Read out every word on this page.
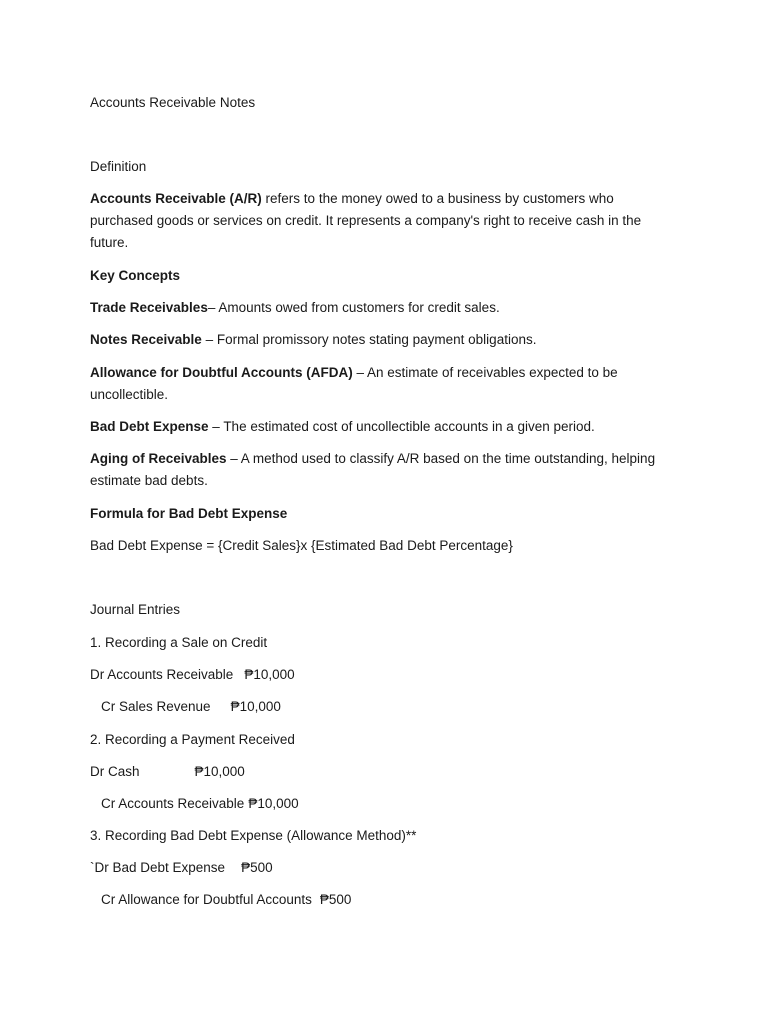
Accounts Receivable Notes
Definition
Accounts Receivable (A/R) refers to the money owed to a business by customers who purchased goods or services on credit. It represents a company's right to receive cash in the future.
Key Concepts
Trade Receivables– Amounts owed from customers for credit sales.
Notes Receivable – Formal promissory notes stating payment obligations.
Allowance for Doubtful Accounts (AFDA) – An estimate of receivables expected to be uncollectible.
Bad Debt Expense – The estimated cost of uncollectible accounts in a given period.
Aging of Receivables – A method used to classify A/R based on the time outstanding, helping estimate bad debts.
Formula for Bad Debt Expense
Bad Debt Expense = {Credit Sales}x {Estimated Bad Debt Percentage}
Journal Entries
1. Recording a Sale on Credit
Dr Accounts Receivable ₱10,000
Cr Sales Revenue ₱10,000
2. Recording a Payment Received
Dr Cash	₱10,000
Cr Accounts Receivable ₱10,000
3. Recording Bad Debt Expense (Allowance Method)**
`Dr Bad Debt Expense ₱500
Cr Allowance for Doubtful Accounts ₱500
